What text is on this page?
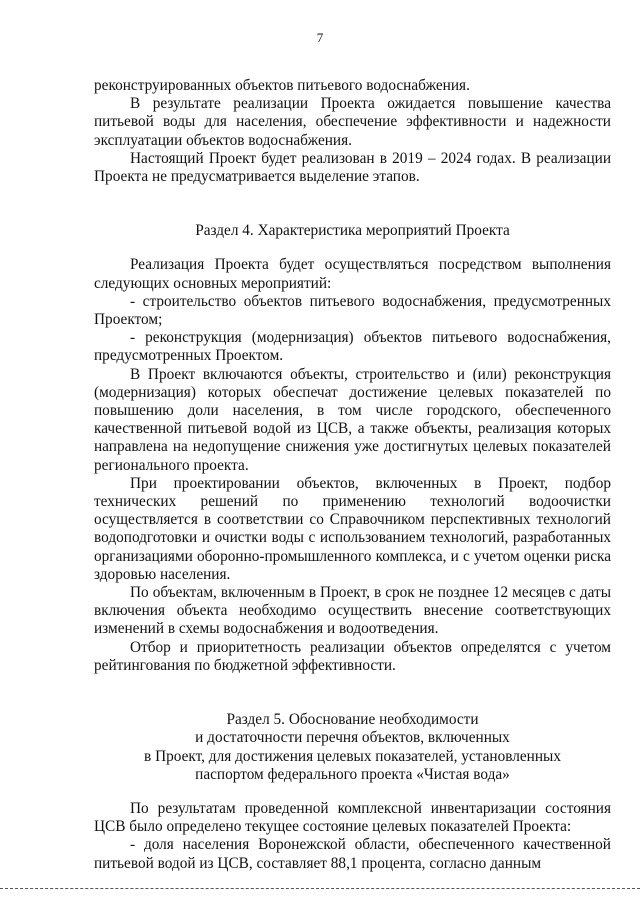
7

реконструированных объектов питьевого водоснабжения.

В результате реализации Проекта ожидается повышение качества питьевой воды для населения, обеспечение эффективности и надежности эксплуатации объектов водоснабжения.

Настоящий Проект будет реализован в 2019 – 2024 годах. В реализации Проекта не предусматривается выделение этапов.

Раздел 4. Характеристика мероприятий Проекта

Реализация Проекта будет осуществляться посредством выполнения следующих основных мероприятий:

- строительство объектов питьевого водоснабжения, предусмотренных Проектом;

- реконструкция (модернизация) объектов питьевого водоснабжения, предусмотренных Проектом.

В Проект включаются объекты, строительство и (или) реконструкция (модернизация) которых обеспечат достижение целевых показателей по повышению доли населения, в том числе городского, обеспеченного качественной питьевой водой из ЦСВ, а также объекты, реализация которых направлена на недопущение снижения уже достигнутых целевых показателей регионального проекта.

При проектировании объектов, включенных в Проект, подбор технических решений по применению технологий водоочистки осуществляется в соответствии со Справочником перспективных технологий водоподготовки и очистки воды с использованием технологий, разработанных организациями оборонно-промышленного комплекса, и с учетом оценки риска здоровью населения.

По объектам, включенным в Проект, в срок не позднее 12 месяцев с даты включения объекта необходимо осуществить внесение соответствующих изменений в схемы водоснабжения и водоотведения.

Отбор и приоритетность реализации объектов определятся с учетом рейтингования по бюджетной эффективности.

Раздел 5. Обоснование необходимости

и достаточности перечня объектов, включенных

в Проект, для достижения целевых показателей, установленных

паспортом федерального проекта «Чистая вода»

По результатам проведенной комплексной инвентаризации состояния ЦСВ было определено текущее состояние целевых показателей Проекта:

- доля населения Воронежской области, обеспеченного качественной питьевой водой из ЦСВ, составляет 88,1 процента, согласно данным
